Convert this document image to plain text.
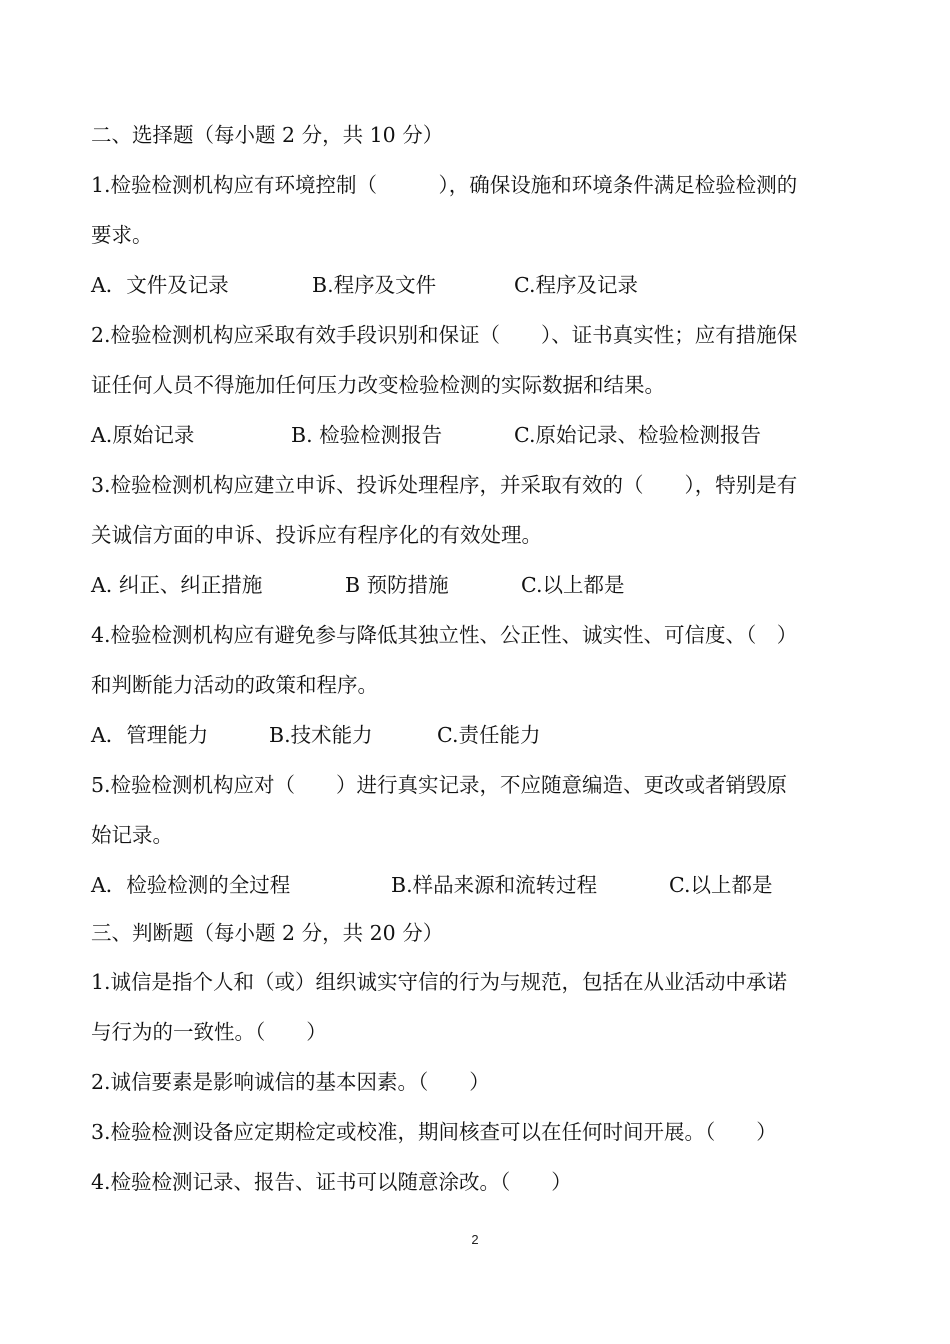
二、选择题（每小题 2 分，共 10 分）
1.检验检测机构应有环境控制（　　　），确保设施和环境条件满足检验检测的
要求。
A．文件及记录	B.程序及文件	C.程序及记录
2.检验检测机构应采取有效手段识别和保证（　　）、证书真实性；应有措施保
证任何人员不得施加任何压力改变检验检测的实际数据和结果。
A.原始记录	B. 检验检测报告	C.原始记录、检验检测报告
3.检验检测机构应建立申诉、投诉处理程序，并采取有效的（　　），特别是有
关诚信方面的申诉、投诉应有程序化的有效处理。
A. 纠正、纠正措施	B 预防措施	C.以上都是
4.检验检测机构应有避免参与降低其独立性、公正性、诚实性、可信度、（　）
和判断能力活动的政策和程序。
A．管理能力	B.技术能力	C.责任能力
5.检验检测机构应对（　　）进行真实记录，不应随意编造、更改或者销毁原
始记录。
A．检验检测的全过程	B.样品来源和流转过程	C.以上都是
三、判断题（每小题 2 分，共 20 分）
1.诚信是指个人和（或）组织诚实守信的行为与规范，包括在从业活动中承诺
与行为的一致性。（　　）
2.诚信要素是影响诚信的基本因素。（　　）
3.检验检测设备应定期检定或校准，期间核查可以在任何时间开展。（　　）
4.检验检测记录、报告、证书可以随意涂改。（　　）
2
